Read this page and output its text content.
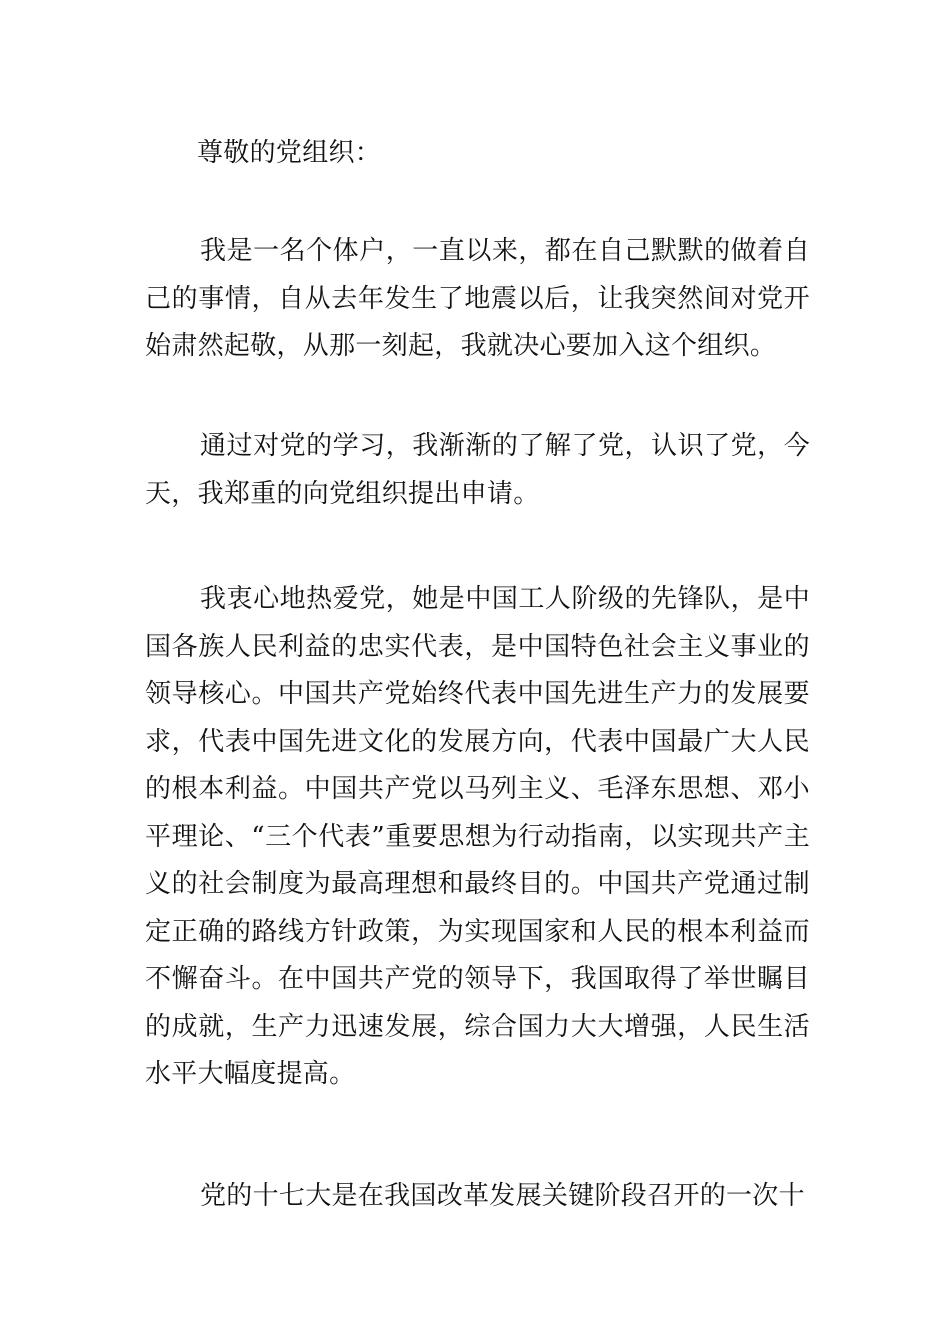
尊敬的党组织：

我是一名个体户，一直以来，都在自己默默的做着自己的事情，自从去年发生了地震以后，让我突然间对党开始肃然起敬，从那一刻起，我就决心要加入这个组织。

通过对党的学习，我渐渐的了解了党，认识了党，今天，我郑重的向党组织提出申请。

我衷心地热爱党，她是中国工人阶级的先锋队，是中国各族人民利益的忠实代表，是中国特色社会主义事业的领导核心。中国共产党始终代表中国先进生产力的发展要求，代表中国先进文化的发展方向，代表中国最广大人民的根本利益。中国共产党以马列主义、毛泽东思想、邓小平理论、“三个代表”重要思想为行动指南，以实现共产主义的社会制度为最高理想和最终目的。中国共产党通过制定正确的路线方针政策，为实现国家和人民的根本利益而不懈奋斗。在中国共产党的领导下，我国取得了举世瞩目的成就，生产力迅速发展，综合国力大大增强，人民生活水平大幅度提高。

党的十七大是在我国改革发展关键阶段召开的一次十
